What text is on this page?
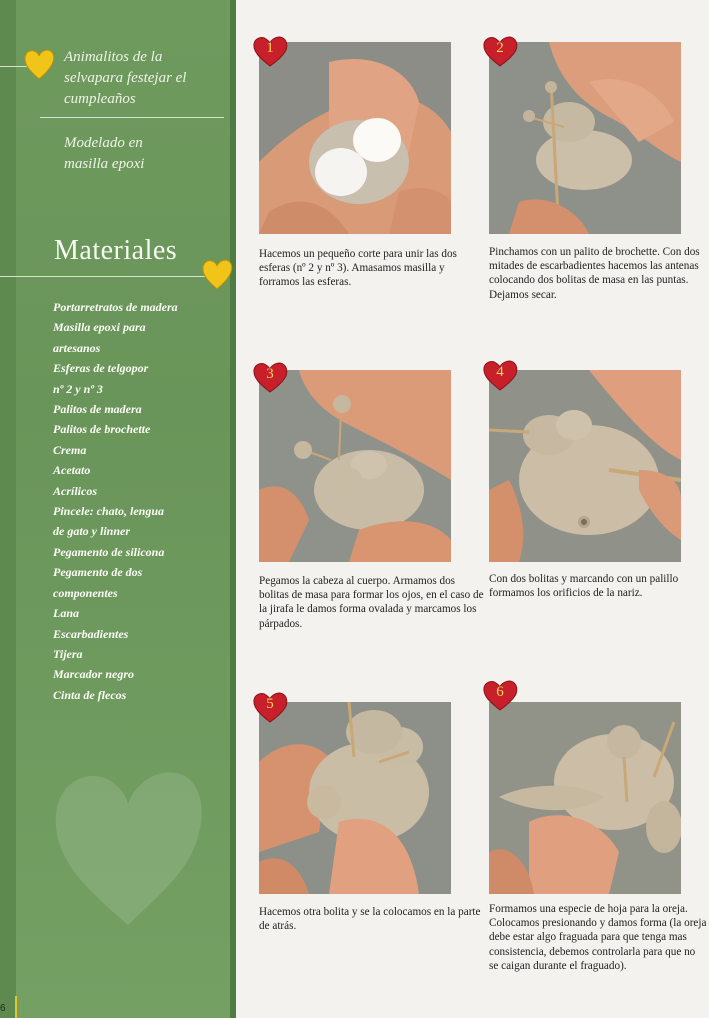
Animalitos de la selvapara festejar el cumpleaños
Modelado en masilla epoxi
Materiales
Portarretratos de madera
Masilla epoxi para
artesanos
Esferas de telgopor
nº 2 y nº 3
Palitos de madera
Palitos de brochette
Crema
Acetato
Acrílicos
Pincele: chato, lengua
de gato y linner
Pegamento de silicona
Pegamento de dos
componentes
Lana
Escarbadientes
Tijera
Marcador negro
Cinta de flecos
6
1
Hacemos un pequeño corte para unir las dos esferas (nº 2 y nº 3). Amasamos masilla y forramos las esferas.
2
Pinchamos con un palito de brochette. Con dos mitades de escarbadientes hacemos las antenas colocando dos bolitas de masa en las puntas. Dejamos secar.
3
Pegamos la cabeza al cuerpo. Armamos dos bolitas de masa para formar los ojos, en el caso de la jirafa le damos forma ovalada y marcamos los párpados.
4
Con dos bolitas y marcando con un palillo formamos los orificios de la nariz.
5
Hacemos otra bolita y se la colocamos en la parte de atrás.
6
Formamos una especie de hoja para la oreja. Colocamos presionando y damos forma (la oreja debe estar algo fraguada para que tenga mas consistencia, debemos controlarla para que no se caigan durante el fraguado).
